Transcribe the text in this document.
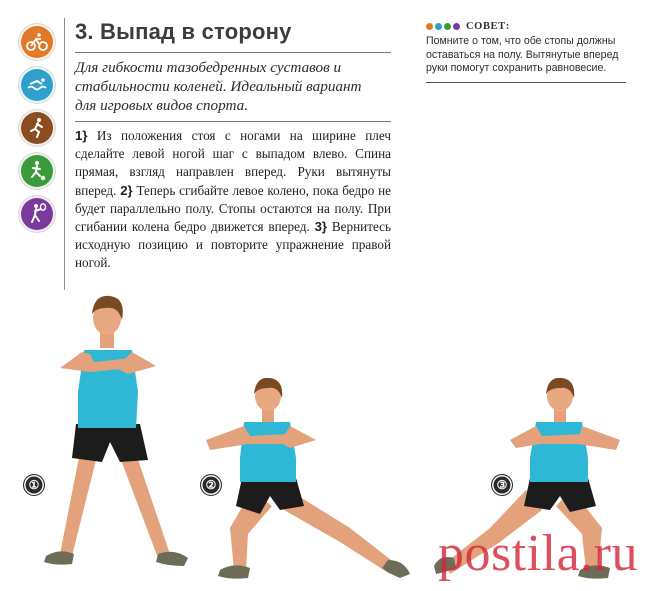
3. Выпад в сторону
Для гибкости тазобедренных суставов и стабильности коленей. Идеальный вариант для игровых видов спорта.
1} Из положения стоя с ногами на ширине плеч сделайте левой ногой шаг с выпадом влево. Спина прямая, взгляд направлен вперед. Руки вытянуты вперед. 2} Теперь сгибайте левое колено, пока бедро не будет параллельно полу. Стопы остаются на полу. При сгибании колена бедро движется вперед. 3} Вернитесь исходную позицию и повторите упражнение правой ногой.
СОВЕТ:
Помните о том, что обе стопы должны оставаться на полу. Вытянутые вперед руки помогут сохранить равновесие.
①	②	③
postila.ru
